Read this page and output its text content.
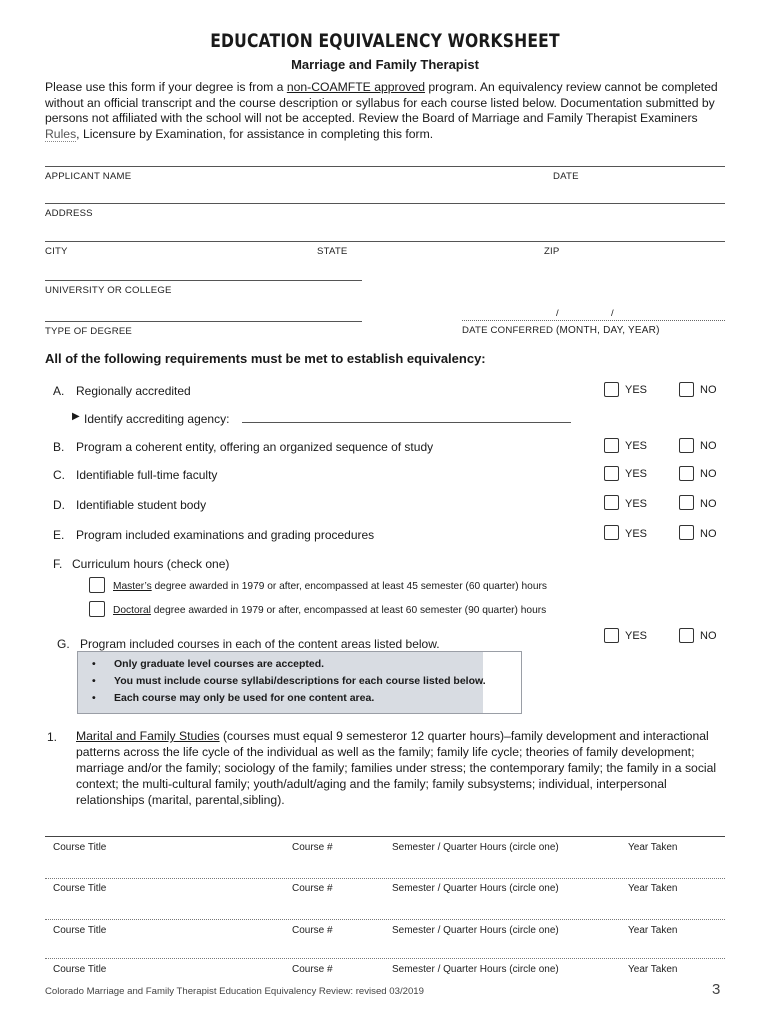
EDUCATION EQUIVALENCY WORKSHEET
Marriage and Family Therapist
Please use this form if your degree is from a non-COAMFTE approved program. An equivalency review cannot be completed without an official transcript and the course description or syllabus for each course listed below. Documentation submitted by persons not affiliated with the school will not be accepted. Review the Board of Marriage and Family Therapist Examiners Rules, Licensure by Examination, for assistance in completing this form.
APPLICANT NAME	DATE
ADDRESS
CITY	STATE	ZIP
UNIVERSITY OR COLLEGE
TYPE OF DEGREE
/	/
DATE CONFERRED (MONTH, DAY, YEAR)
All of the following requirements must be met to establish equivalency:
A. Regionally accredited	YES	NO
▶ Identify accrediting agency:
B. Program a coherent entity, offering an organized sequence of study	YES	NO
C. Identifiable full-time faculty	YES	NO
D. Identifiable student body	YES	NO
E. Program included examinations and grading procedures	YES	NO
F. Curriculum hours (check one)
Master’s degree awarded in 1979 or after, encompassed at least 45 semester (60 quarter) hours
Doctoral degree awarded in 1979 or after, encompassed at least 60 semester (90 quarter) hours
G. Program included courses in each of the content areas listed below.
YES	NO
• Only graduate level courses are accepted.
• You must include course syllabi/descriptions for each course listed below.
• Each course may only be used for one content area.
1. Marital and Family Studies (courses must equal 9 semesteror 12 quarter hours)–family development and interactional patterns across the life cycle of the individual as well as the family; family life cycle; theories of family development; marriage and/or the family; sociology of the family; families under stress; the contemporary family; the family in a social context; the multi-cultural family; youth/adult/aging and the family; family subsystems; individual, interpersonal relationships (marital, parental,sibling).
Course Title	Course #	Semester / Quarter Hours (circle one)	Year Taken
Course Title	Course #	Semester / Quarter Hours (circle one)	Year Taken
Course Title	Course #	Semester / Quarter Hours (circle one)	Year Taken
Course Title	Course #	Semester / Quarter Hours (circle one)	Year Taken
Colorado Marriage and Family Therapist Education Equivalency Review: revised 03/2019	3
